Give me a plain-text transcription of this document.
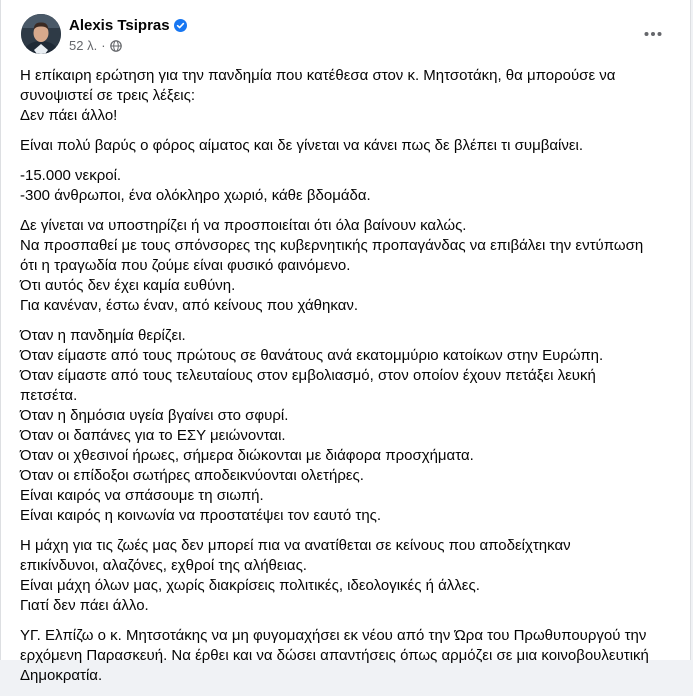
Alexis Tsipras
52 λ. ·
Η επίκαιρη ερώτηση για την πανδημία που κατέθεσα στον κ. Μητσοτάκη, θα μπορούσε να
συνοψιστεί σε τρεις λέξεις:
Δεν πάει άλλο!
Είναι πολύ βαρύς ο φόρος αίματος και δε γίνεται να κάνει πως δε βλέπει τι συμβαίνει.
-15.000 νεκροί.
-300 άνθρωποι, ένα ολόκληρο χωριό, κάθε βδομάδα.
Δε γίνεται να υποστηρίζει ή να προσποιείται ότι όλα βαίνουν καλώς.
Να προσπαθεί με τους σπόνσορες της κυβερνητικής προπαγάνδας να επιβάλει την εντύπωση
ότι η τραγωδία που ζούμε είναι φυσικό φαινόμενο.
Ότι αυτός δεν έχει καμία ευθύνη.
Για κανέναν, έστω έναν, από κείνους που χάθηκαν.
Όταν η πανδημία θερίζει.
Όταν είμαστε από τους πρώτους σε θανάτους ανά εκατομμύριο κατοίκων στην Ευρώπη.
Όταν είμαστε από τους τελευταίους στον εμβολιασμό, στον οποίον έχουν πετάξει λευκή
πετσέτα.
Όταν η δημόσια υγεία βγαίνει στο σφυρί.
Όταν οι δαπάνες για το ΕΣΥ μειώνονται.
Όταν οι χθεσινοί ήρωες, σήμερα διώκονται με διάφορα προσχήματα.
Όταν οι επίδοξοι σωτήρες αποδεικνύονται ολετήρες.
Είναι καιρός να σπάσουμε τη σιωπή.
Είναι καιρός η κοινωνία να προστατέψει τον εαυτό της.
Η μάχη για τις ζωές μας δεν μπορεί πια να ανατίθεται σε κείνους που αποδείχτηκαν
επικίνδυνοι, αλαζόνες, εχθροί της αλήθειας.
Είναι μάχη όλων μας, χωρίς διακρίσεις πολιτικές, ιδεολογικές ή άλλες.
Γιατί δεν πάει άλλο.
ΥΓ. Ελπίζω ο κ. Μητσοτάκης να μη φυγομαχήσει εκ νέου από την Ώρα του Πρωθυπουργού την
ερχόμενη Παρασκευή. Να έρθει και να δώσει απαντήσεις όπως αρμόζει σε μια κοινοβουλευτική
Δημοκρατία.
